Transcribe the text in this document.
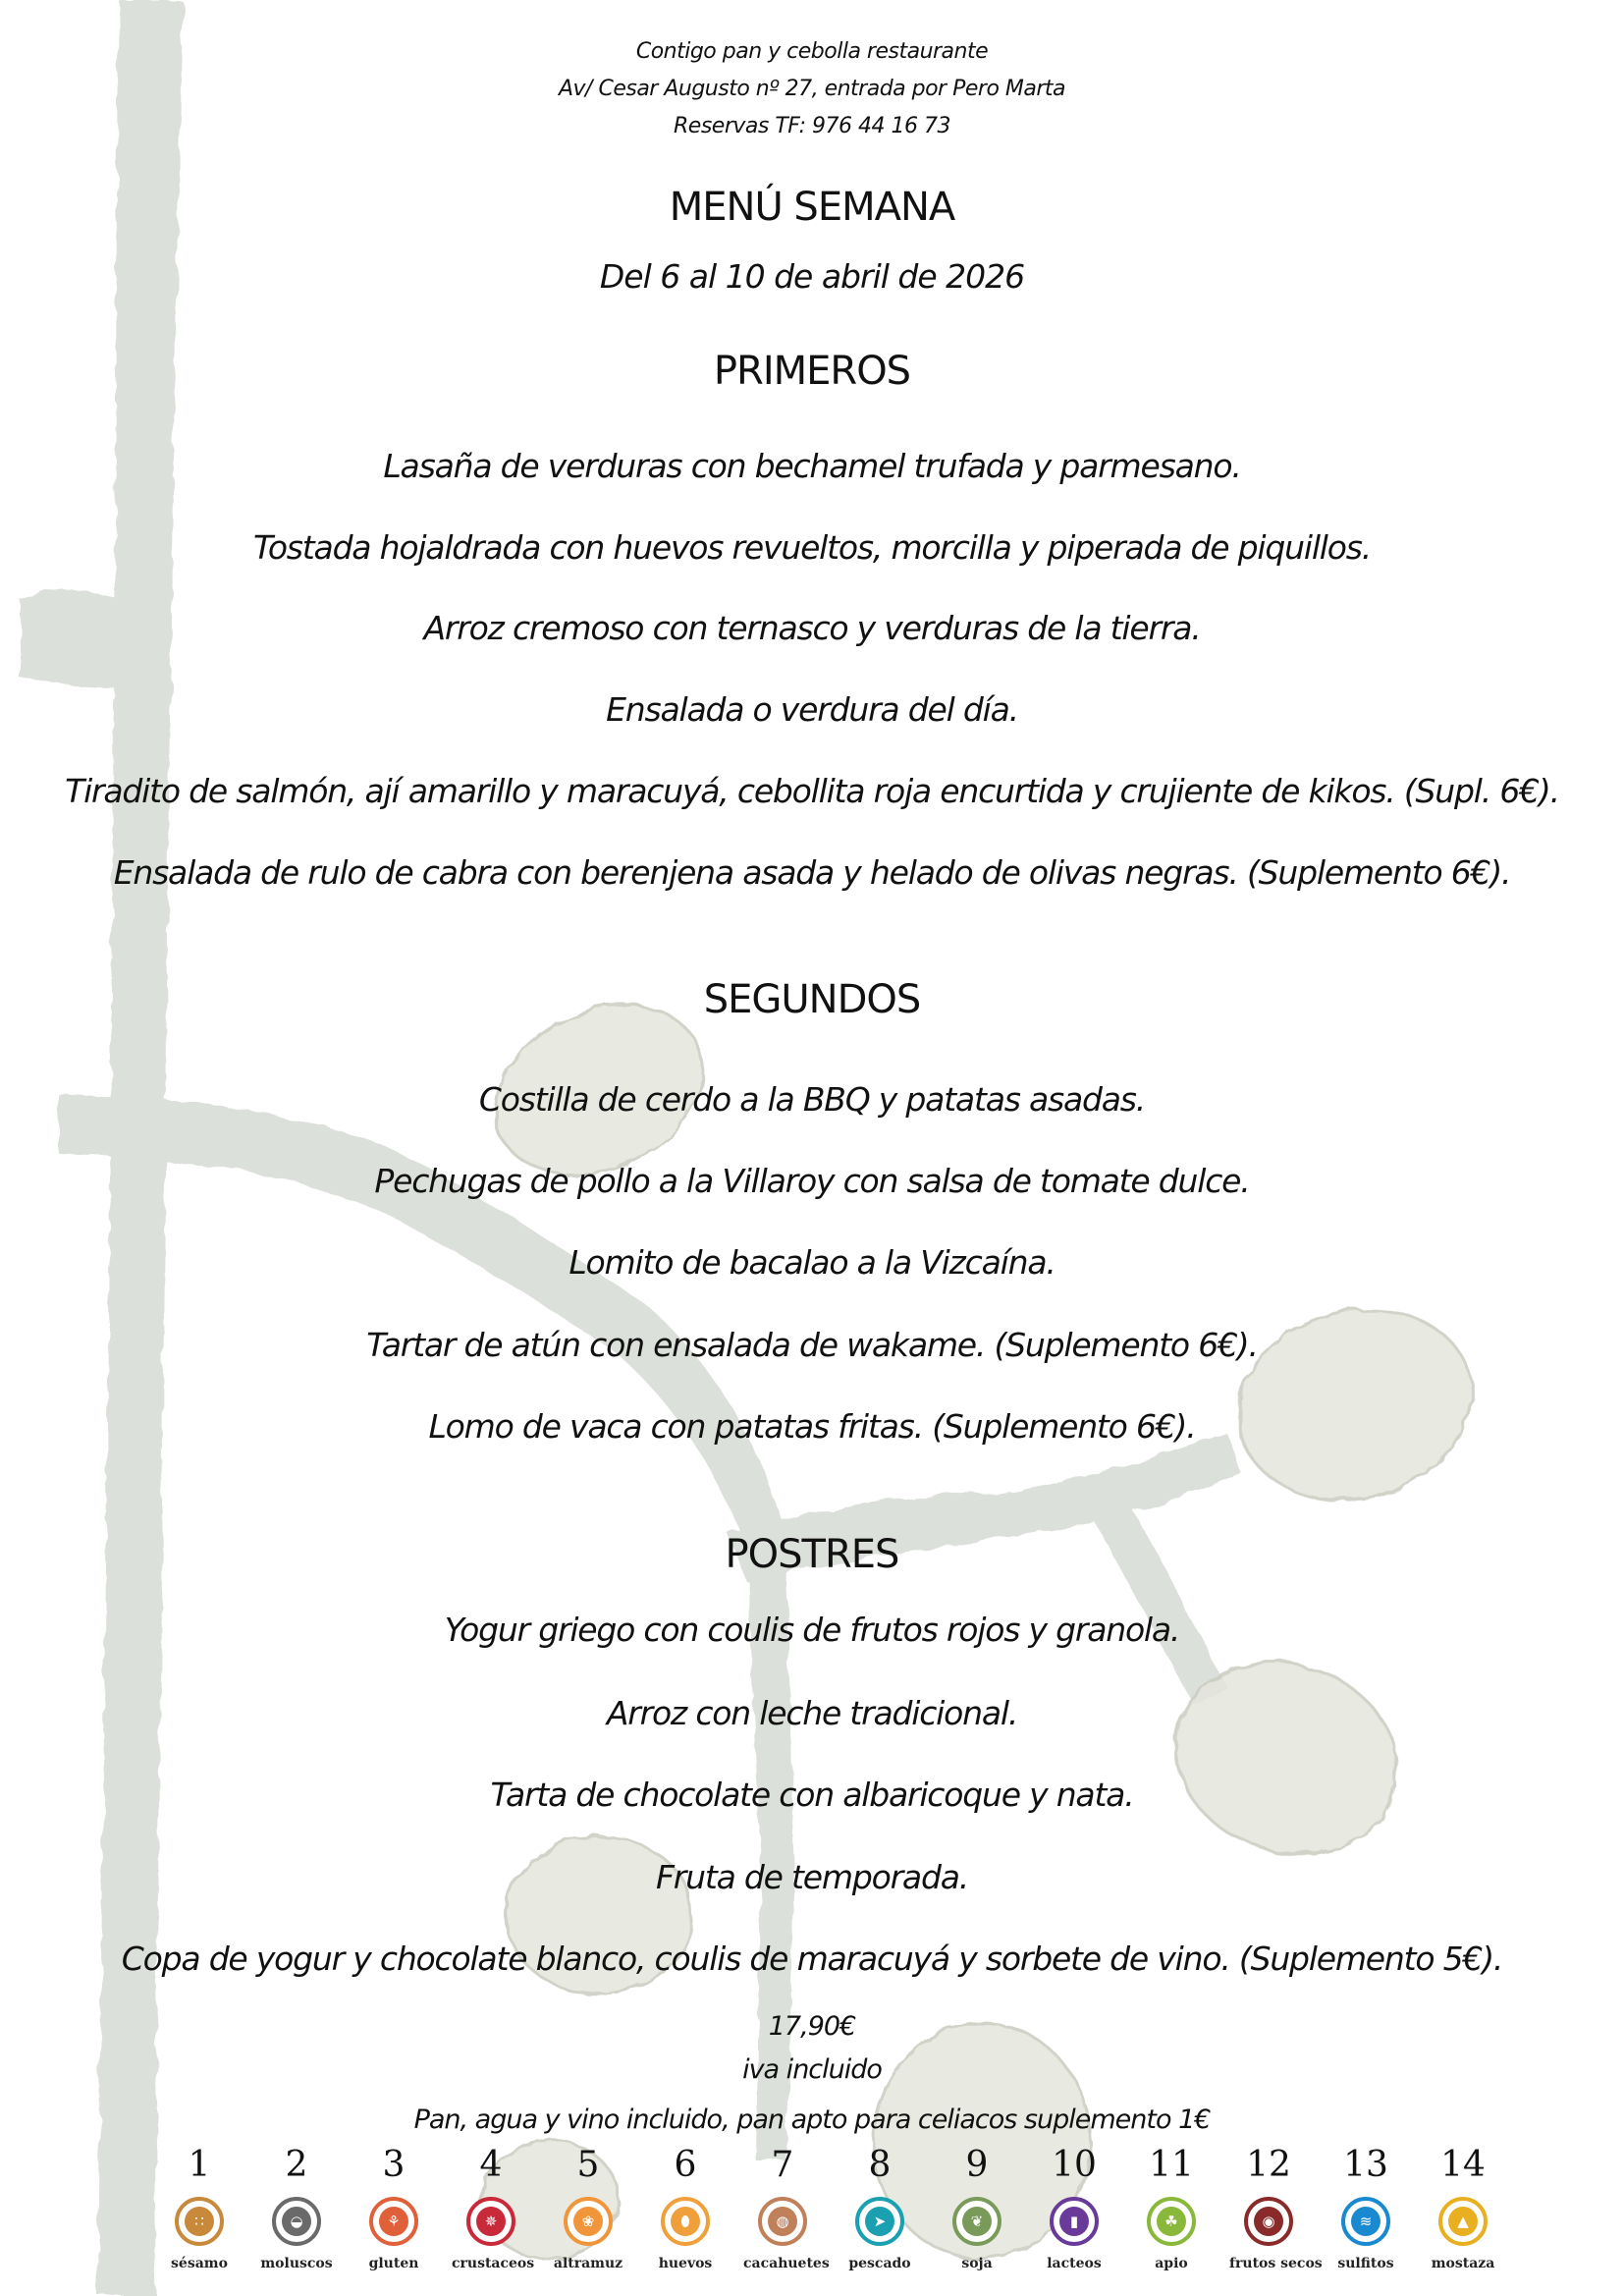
Contigo pan y cebolla restaurante
Av/ Cesar Augusto nº 27, entrada por Pero Marta
Reservas TF: 976 44 16 73
MENÚ SEMANA
Del 6 al 10 de abril de 2026
PRIMEROS
Lasaña de verduras con bechamel trufada y parmesano.
Tostada hojaldrada con huevos revueltos, morcilla y piperada de piquillos.
Arroz cremoso con ternasco y verduras de la tierra.
Ensalada o verdura del día.
Tiradito de salmón, ají amarillo y maracuyá, cebollita roja encurtida y crujiente de kikos. (Supl. 6€).
Ensalada de rulo de cabra con berenjena asada y helado de olivas negras. (Suplemento 6€).
SEGUNDOS
Costilla de cerdo a la BBQ y patatas asadas.
Pechugas de pollo a la Villaroy con salsa de tomate dulce.
Lomito de bacalao a la Vizcaína.
Tartar de atún con ensalada de wakame. (Suplemento 6€).
Lomo de vaca con patatas fritas. (Suplemento 6€).
POSTRES
Yogur griego con coulis de frutos rojos y granola.
Arroz con leche tradicional.
Tarta de chocolate con albaricoque y nata.
Fruta de temporada.
Copa de yogur y chocolate blanco, coulis de maracuyá y sorbete de vino. (Suplemento 5€).
17,90€
iva incluido
Pan, agua y vino incluido, pan apto para celiacos suplemento 1€
1
∷
sésamo
2
◒
moluscos
3
⚘
gluten
4
✵
crustaceos
5
❀
altramuz
6
⬮
huevos
7
◍
cacahuetes
8
➤
pescado
9
❦
soja
10
▮
lacteos
11
☘
apio
12
◉
frutos secos
13
≋
sulfitos
14
▲
mostaza
